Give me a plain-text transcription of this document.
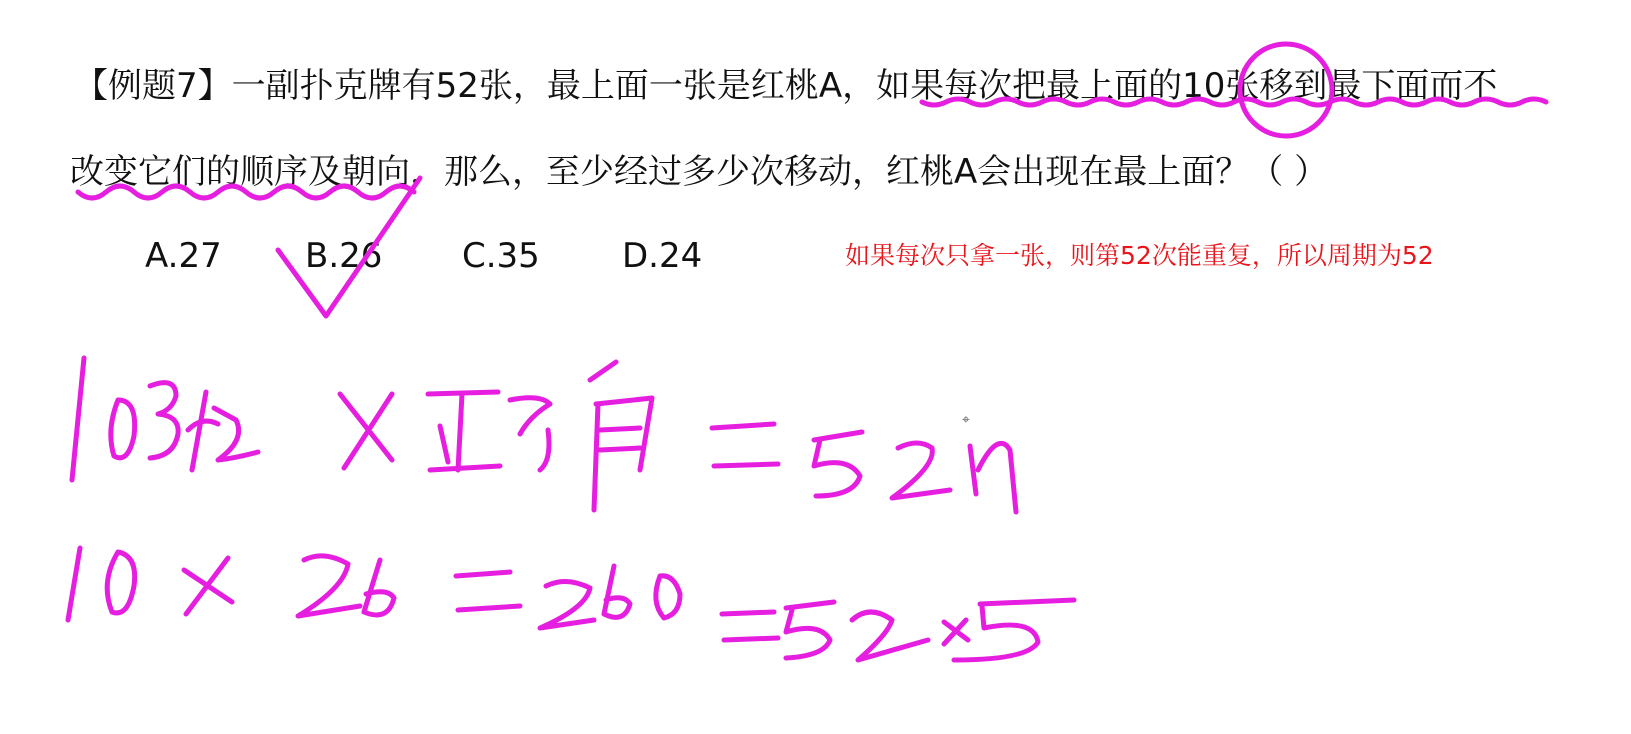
【例题7】一副扑克牌有52张，最上面一张是红桃A，如果每次把最上面的10张移到最下面而不
改变它们的顺序及朝向，那么，至少经过多少次移动，红桃A会出现在最上面？（ ）
A.27 B.26 C.35 D.24	如果每次只拿一张，则第52次能重复，所以周期为52
⌖
